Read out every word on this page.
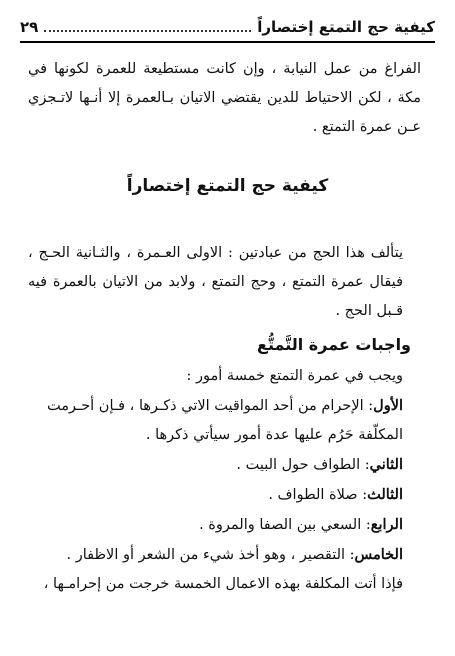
كيفية حج التمتع إختصاراً
٢٩

الفراغ من عمل النيابة ، وإن كانت مستطيعة للعمرة لكونها في مكة ، لكن الاحتياط للدين يقتضي الاتيان بـالعمرة إلا أنـها لاتـجزي عـن عمرة التمتع .

كيفية حج التمتع إختصاراً

يتألف هذا الحج من عبادتين : الاولى العـمرة ، والثـانية الحـج ، فيقال عمرة التمتع ، وحج التمتع ، ولابد من الاتيان بالعمرة فيه قـبل الحج .

واجبات عمرة التَّمتُّع

ويجب في عمرة التمتع خمسة أمور :

الأول: الإحرام من أحد المواقيت الاتي ذكـرها ، فـإن أحـرمت المكلّفة حَرُم عليها عدة أمور سيأتي ذكرها .

الثاني: الطواف حول البيت .

الثالث: صلاة الطواف .

الرابع: السعي بين الصفا والمروة .

الخامس: التقصير ، وهو أخذ شيء من الشعر أو الاظفار .

فإذا أتت المكلفة بهذه الاعمال الخمسة خرجت من إحرامـها ،
